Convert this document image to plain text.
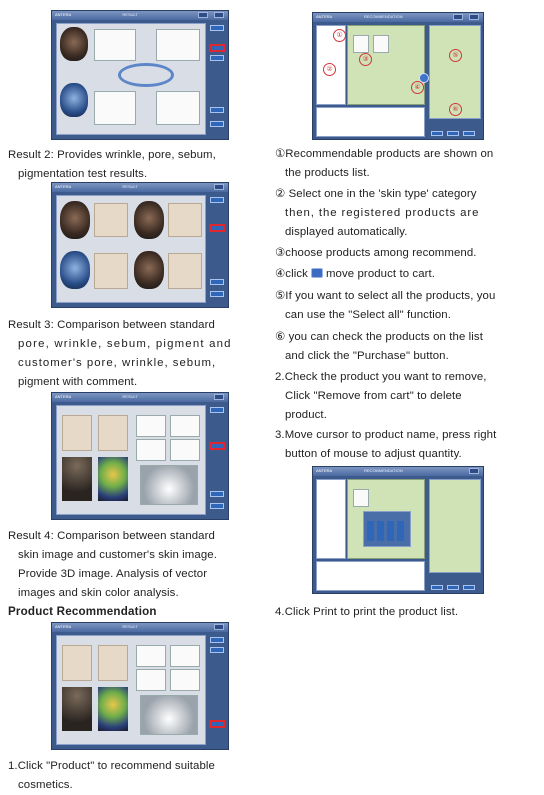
ANTERA	RESULT

Result 2: Provides wrinkle, pore, sebum,
pigmentation test results.

ANTERA	RESULT

Result 3: Comparison between standard
pore, wrinkle, sebum, pigment and
customer's pore, wrinkle, sebum,
pigment with comment.

ANTERA	RESULT

Result 4: Comparison between standard
skin image and customer's skin image.
Provide 3D image. Analysis of vector
images and skin color analysis.

Product Recommendation

ANTERA	RESULT

1.Click "Product" to recommend suitable
cosmetics.

ANTERA	RECOMMENDATION
①
②
③
④
⑤
⑥

①Recommendable products are shown on
the products list.

② Select one in the 'skin type' category
then, the registered products are
displayed automatically.

③choose products among recommend.

④click move product to cart.

⑤If you want to select all the products, you
can use the "Select all" function.

⑥ you can check the products on the list
and click the "Purchase" button.

2.Check the product you want to remove,
Click "Remove from cart" to delete
product.

3.Move cursor to product name, press right
button of mouse to adjust quantity.

ANTERA	RECOMMENDATION

4.Click Print to print the product list.
